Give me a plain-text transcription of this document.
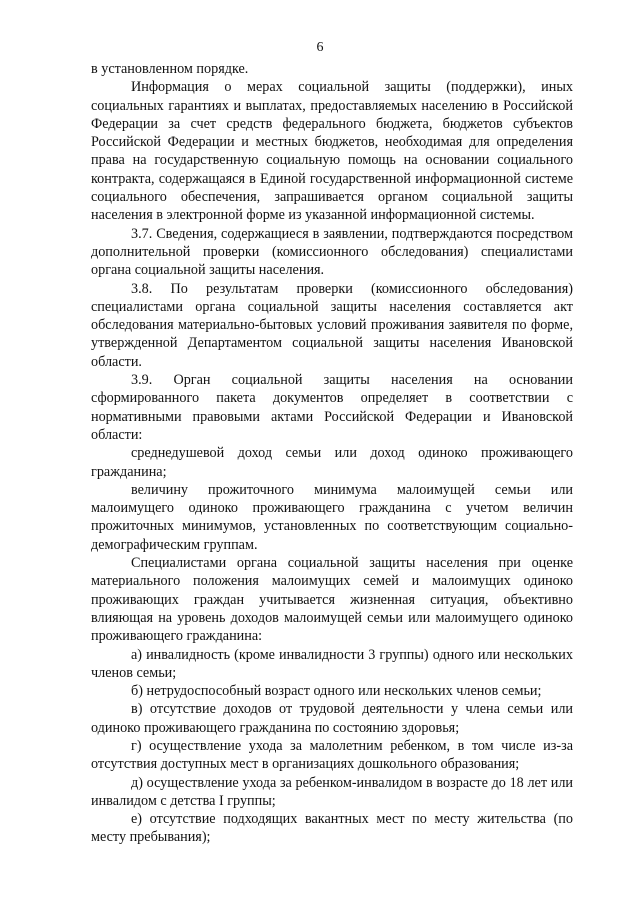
6

в установленном порядке.

Информация о мерах социальной защиты (поддержки), иных социальных гарантиях и выплатах, предоставляемых населению в Российской Федерации за счет средств федерального бюджета, бюджетов субъектов Российской Федерации и местных бюджетов, необходимая для определения права на государственную социальную помощь на основании социального контракта, содержащаяся в Единой государственной информационной системе социального обеспечения, запрашивается органом социальной защиты населения в электронной форме из указанной информационной системы.

3.7. Сведения, содержащиеся в заявлении, подтверждаются посредством дополнительной проверки (комиссионного обследования) специалистами органа социальной защиты населения.

3.8. По результатам проверки (комиссионного обследования) специалистами органа социальной защиты населения составляется акт обследования материально-бытовых условий проживания заявителя по форме, утвержденной Департаментом социальной защиты населения Ивановской области.

3.9. Орган социальной защиты населения на основании сформированного пакета документов определяет в соответствии с нормативными правовыми актами Российской Федерации и Ивановской области:

среднедушевой доход семьи или доход одиноко проживающего гражданина;

величину прожиточного минимума малоимущей семьи или малоимущего одиноко проживающего гражданина с учетом величин прожиточных минимумов, установленных по соответствующим социально-демографическим группам.

Специалистами органа социальной защиты населения при оценке материального положения малоимущих семей и малоимущих одиноко проживающих граждан учитывается жизненная ситуация, объективно влияющая на уровень доходов малоимущей семьи или малоимущего одиноко проживающего гражданина:

а) инвалидность (кроме инвалидности 3 группы) одного или нескольких членов семьи;

б) нетрудоспособный возраст одного или нескольких членов семьи;

в) отсутствие доходов от трудовой деятельности у члена семьи или одиноко проживающего гражданина по состоянию здоровья;

г) осуществление ухода за малолетним ребенком, в том числе из-за отсутствия доступных мест в организациях дошкольного образования;

д) осуществление ухода за ребенком-инвалидом в возрасте до 18 лет или инвалидом с детства I группы;

е) отсутствие подходящих вакантных мест по месту жительства (по месту пребывания);
